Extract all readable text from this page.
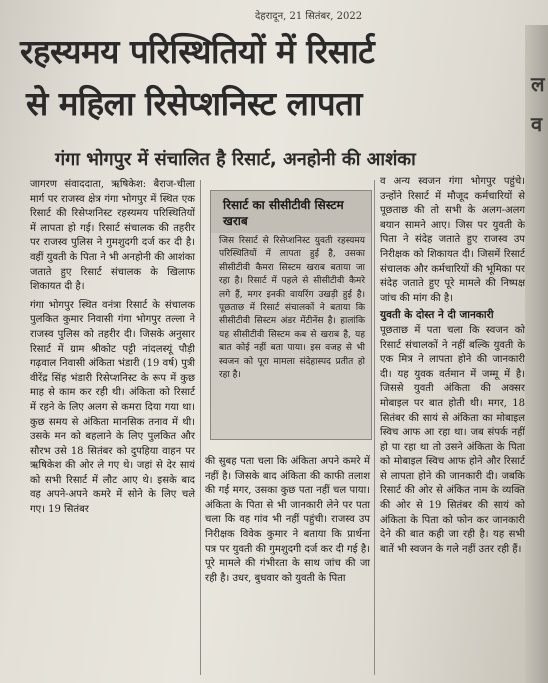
देहरादून, 21 सितंबर, 2022
रहस्यमय परिस्थितियों में रिसार्ट
से महिला रिसेप्शनिस्ट लापता
गंगा भोगपुर में संचालित है रिसार्ट, अनहोनी की आशंका

जागरण संवाददाता, ऋषिकेश: बैराज-चीला मार्ग पर राजस्व क्षेत्र गंगा भोगपुर में स्थित एक रिसार्ट की रिसेप्शनिस्ट रहस्यमय परिस्थितियों में लापता हो गई। रिसार्ट संचालक की तहरीर पर राजस्व पुलिस ने गुमशुदगी दर्ज कर दी है। वहीं युवती के पिता ने भी अनहोनी की आशंका जताते हुए रिसार्ट संचालक के खिलाफ शिकायत दी है।

गंगा भोगपुर स्थित वनंत्रा रिसार्ट के संचालक पुलकित कुमार निवासी गंगा भोगपुर तल्ला ने राजस्व पुलिस को तहरीर दी। जिसके अनुसार रिसार्ट में ग्राम श्रीकोट पट्टी नांदलस्यूं पौड़ी गढ़वाल निवासी अंकिता भंडारी (19 वर्ष) पुत्री वीरेंद्र सिंह भंडारी रिसेप्शनिस्ट के रूप में कुछ माह से काम कर रही थी। अंकिता को रिसार्ट में रहने के लिए अलग से कमरा दिया गया था। कुछ समय से अंकिता मानसिक तनाव में थी। उसके मन को बहलाने के लिए पुलकित और सौरभ उसे 18 सितंबर को दुपहिया वाहन पर ऋषिकेश की ओर ले गए थे। जहां से देर सायं को सभी रिसार्ट में लौट आए थे। इसके बाद वह अपने-अपने कमरे में सोने के लिए चले गए। 19 सितंबर

रिसार्ट का सीसीटीवी सिस्टम खराब
जिस रिसार्ट से रिसेप्शनिस्ट युवती रहस्यमय परिस्थितियों में लापता हुई है, उसका सीसीटीवी कैमरा सिस्टम खराब बताया जा रहा है। रिसार्ट में पहले से सीसीटीवी कैमरे लगे हैं, मगर इनकी वायरिंग उखड़ी हुई है। पूछताछ में रिसार्ट संचालकों ने बताया कि सीसीटीवी सिस्टम अंडर मेंटीनेंस है। हालांकि यह सीसीटीवी सिस्टम कब से खराब है, यह बात कोई नहीं बता पाया। इस वजह से भी स्वजन को पूरा मामला संदेहास्पद प्रतीत हो रहा है।

की सुबह पता चला कि अंकिता अपने कमरे में नहीं है। जिसके बाद अंकिता की काफी तलाश की गई मगर, उसका कुछ पता नहीं चल पाया। अंकिता के पिता से भी जानकारी लेने पर पता चला कि वह गांव भी नहीं पहुंची। राजस्व उप निरीक्षक विवेक कुमार ने बताया कि प्रार्थना पत्र पर युवती की गुमशुदगी दर्ज कर दी गई है। पूरे मामले की गंभीरता के साथ जांच की जा रही है। उधर, बुधवार को युवती के पिता

व अन्य स्वजन गंगा भोगपुर पहुंचे। उन्होंने रिसार्ट में मौजूद कर्मचारियों से पूछताछ की तो सभी के अलग-अलग बयान सामने आए। जिस पर युवती के पिता ने संदेह जताते हुए राजस्व उप निरीक्षक को शिकायत दी। जिसमें रिसार्ट संचालक और कर्मचारियों की भूमिका पर संदेह जताते हुए पूरे मामले की निष्पक्ष जांच की मांग की है।

युवती के दोस्त ने दी जानकारी

पूछताछ में पता चला कि स्वजन को रिसार्ट संचालकों ने नहीं बल्कि युवती के एक मित्र ने लापता होने की जानकारी दी। यह युवक वर्तमान में जम्मू में है। जिससे युवती अंकिता की अक्सर मोबाइल पर बात होती थी। मगर, 18 सितंबर की सायं से अंकिता का मोबाइल स्विच आफ आ रहा था। जब संपर्क नहीं हो पा रहा था तो उसने अंकिता के पिता को मोबाइल स्विच आफ होने और रिसार्ट से लापता होने की जानकारी दी। जबकि रिसार्ट की ओर से अंकित नाम के व्यक्ति की ओर से 19 सितंबर की सायं को अंकिता के पिता को फोन कर जानकारी देने की बात कही जा रही है। यह सभी बातें भी स्वजन के गले नहीं उतर रही हैं।

ल
व
